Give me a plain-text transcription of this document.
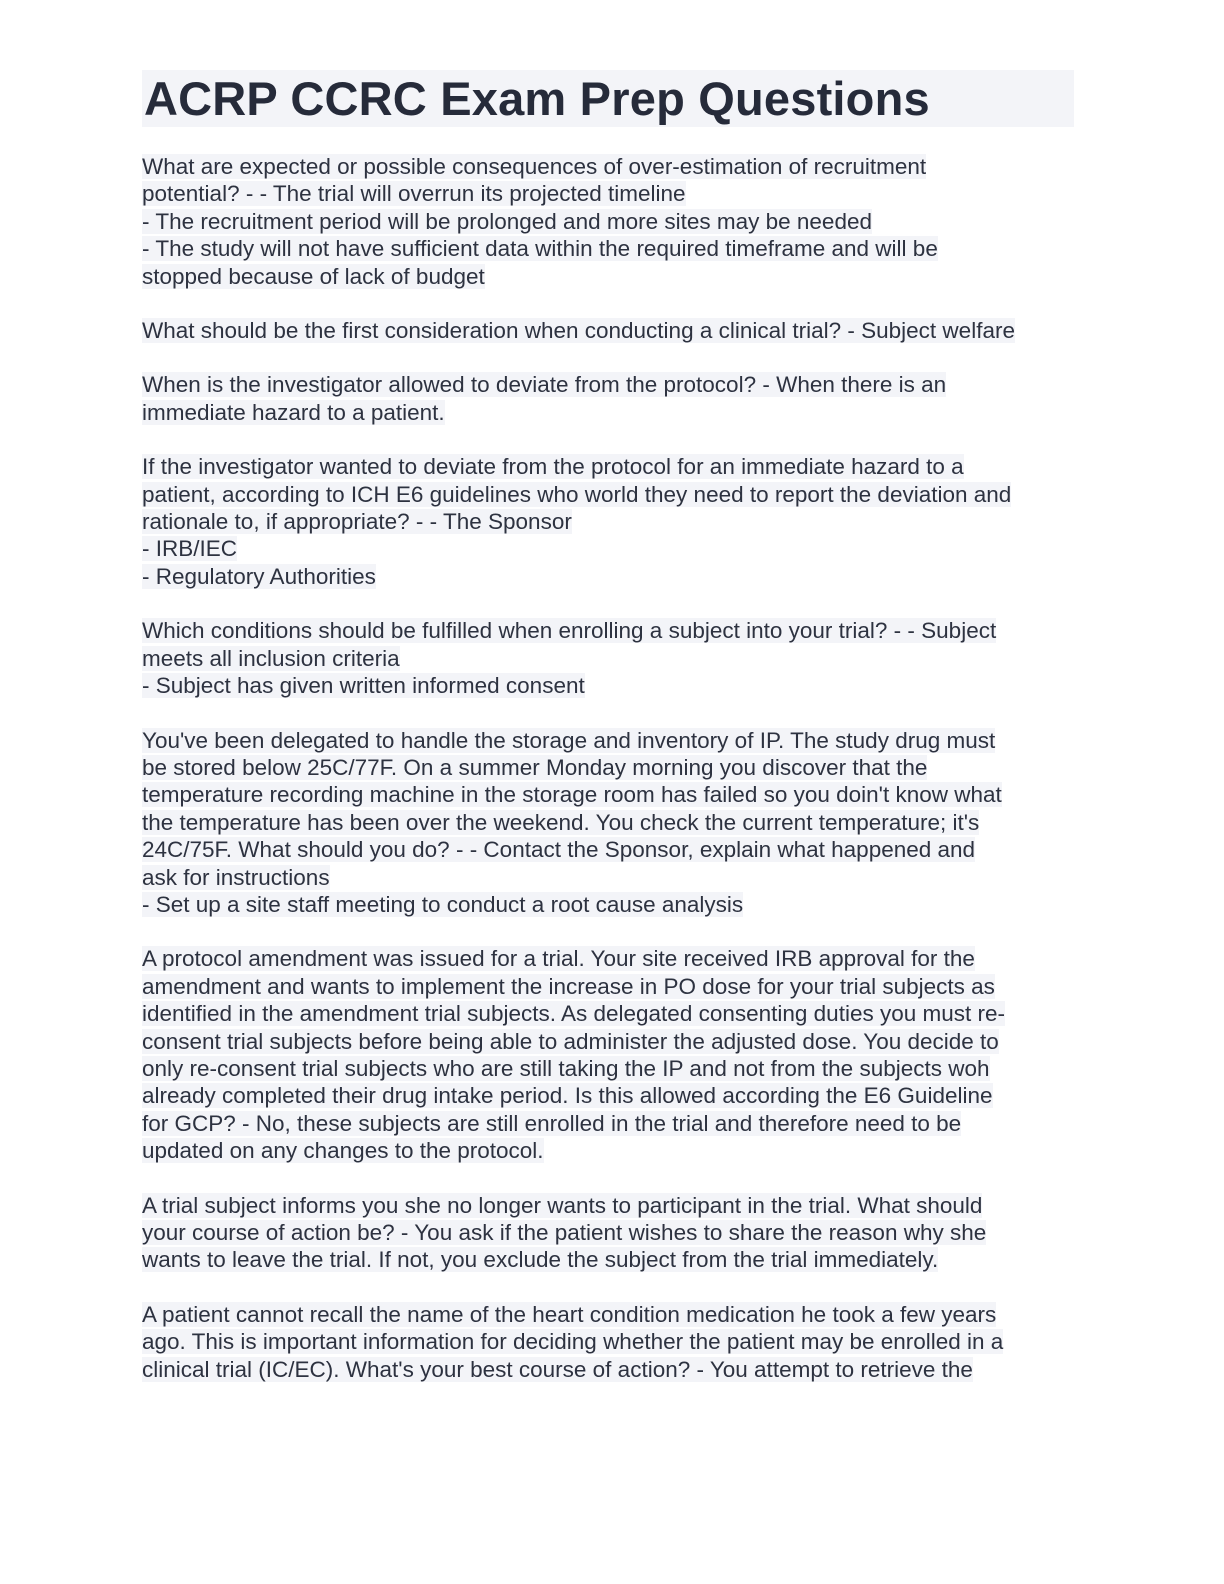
ACRP CCRC Exam Prep Questions
What are expected or possible consequences of over-estimation of recruitment
potential? - - The trial will overrun its projected timeline
- The recruitment period will be prolonged and more sites may be needed
- The study will not have sufficient data within the required timeframe and will be
stopped because of lack of budget
What should be the first consideration when conducting a clinical trial? - Subject welfare
When is the investigator allowed to deviate from the protocol? - When there is an
immediate hazard to a patient.
If the investigator wanted to deviate from the protocol for an immediate hazard to a
patient, according to ICH E6 guidelines who world they need to report the deviation and
rationale to, if appropriate? - - The Sponsor
- IRB/IEC
- Regulatory Authorities
Which conditions should be fulfilled when enrolling a subject into your trial? - - Subject
meets all inclusion criteria
- Subject has given written informed consent
You've been delegated to handle the storage and inventory of IP. The study drug must
be stored below 25C/77F. On a summer Monday morning you discover that the
temperature recording machine in the storage room has failed so you doin't know what
the temperature has been over the weekend. You check the current temperature; it's
24C/75F. What should you do? - - Contact the Sponsor, explain what happened and
ask for instructions
- Set up a site staff meeting to conduct a root cause analysis
A protocol amendment was issued for a trial. Your site received IRB approval for the
amendment and wants to implement the increase in PO dose for your trial subjects as
identified in the amendment trial subjects. As delegated consenting duties you must re-
consent trial subjects before being able to administer the adjusted dose. You decide to
only re-consent trial subjects who are still taking the IP and not from the subjects woh
already completed their drug intake period. Is this allowed according the E6 Guideline
for GCP? - No, these subjects are still enrolled in the trial and therefore need to be
updated on any changes to the protocol.
A trial subject informs you she no longer wants to participant in the trial. What should
your course of action be? - You ask if the patient wishes to share the reason why she
wants to leave the trial. If not, you exclude the subject from the trial immediately.
A patient cannot recall the name of the heart condition medication he took a few years
ago. This is important information for deciding whether the patient may be enrolled in a
clinical trial (IC/EC). What's your best course of action? - You attempt to retrieve the
